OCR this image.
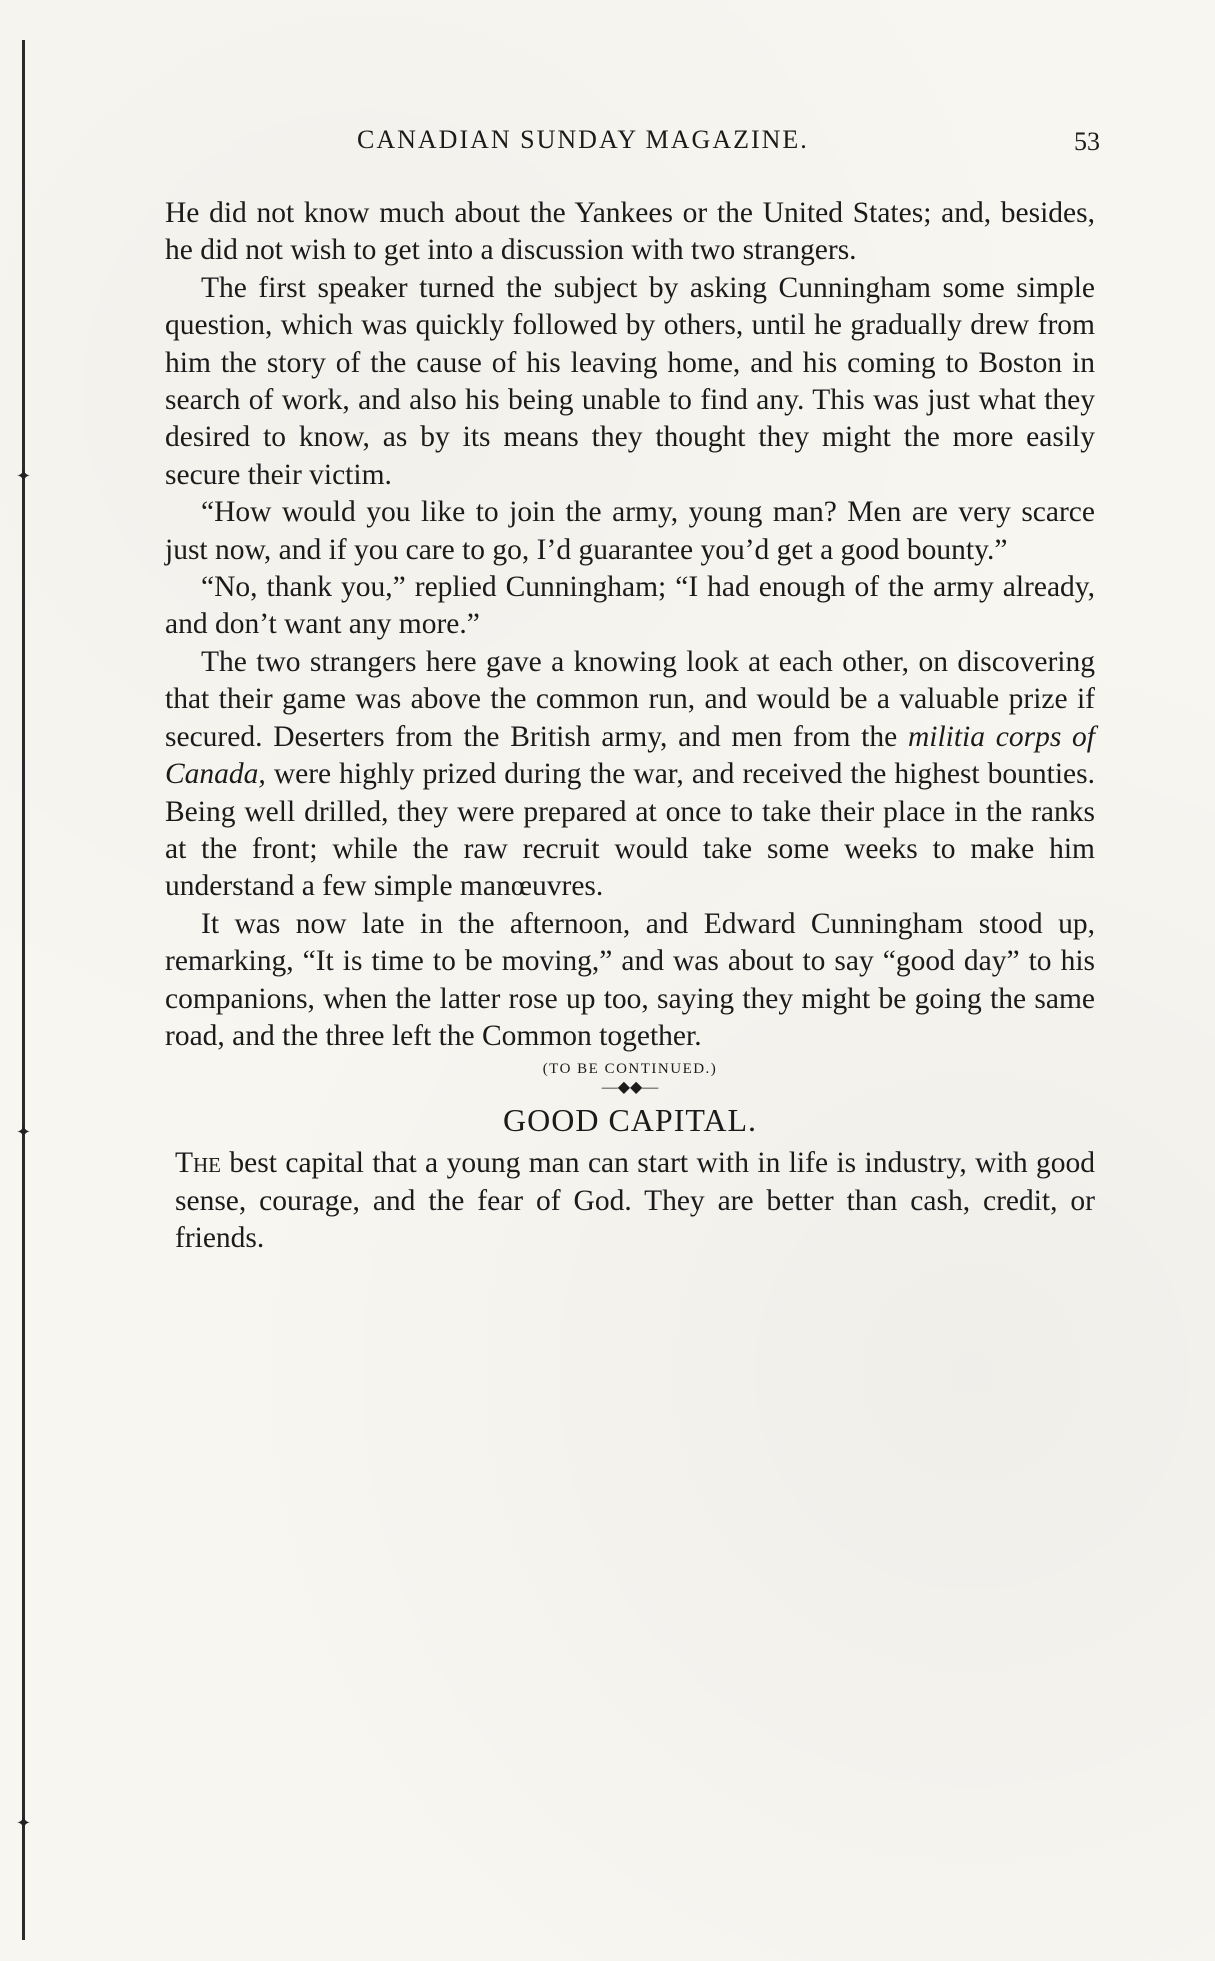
✦
✦
✦
CANADIAN SUNDAY MAGAZINE.	53

He did not know much about the Yankees or the United States; and, besides, he did not wish to get into a discussion with two strangers.

The first speaker turned the subject by asking Cunningham some simple question, which was quickly followed by others, until he gradually drew from him the story of the cause of his leaving home, and his coming to Boston in search of work, and also his being unable to find any. This was just what they desired to know, as by its means they thought they might the more easily secure their victim.

“How would you like to join the army, young man? Men are very scarce just now, and if you care to go, I’d guarantee you’d get a good bounty.”

“No, thank you,” replied Cunningham; “I had enough of the army already, and don’t want any more.”

The two strangers here gave a knowing look at each other, on discovering that their game was above the common run, and would be a valuable prize if secured. Deserters from the British army, and men from the militia corps of Canada, were highly prized during the war, and received the highest bounties. Being well drilled, they were prepared at once to take their place in the ranks at the front; while the raw recruit would take some weeks to make him understand a few simple manœuvres.

It was now late in the afternoon, and Edward Cunningham stood up, remarking, “It is time to be moving,” and was about to say “good day” to his companions, when the latter rose up too, saying they might be going the same road, and the three left the Common together.

(TO BE CONTINUED.)
—◆◆—
GOOD CAPITAL.

The best capital that a young man can start with in life is industry, with good sense, courage, and the fear of God. They are better than cash, credit, or friends.
